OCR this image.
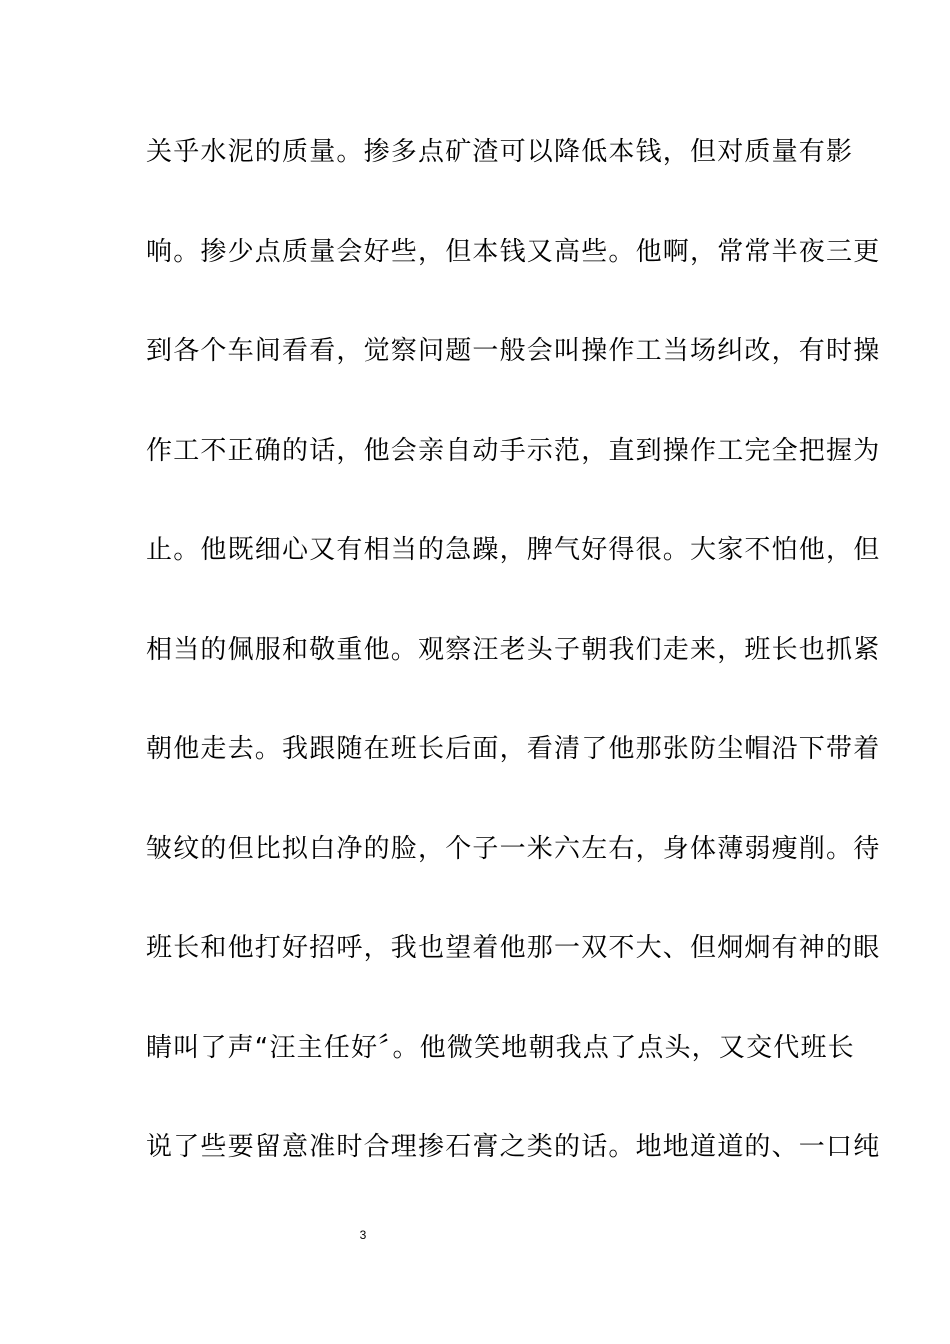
关乎水泥的质量。掺多点矿渣可以降低本钱，但对质量有影
响。掺少点质量会好些，但本钱又高些。他啊，常常半夜三更
到各个车间看看，觉察问题一般会叫操作工当场纠改，有时操
作工不正确的话，他会亲自动手示范，直到操作工完全把握为
止。他既细心又有相当的急躁，脾气好得很。大家不怕他，但
相当的佩服和敬重他。观察汪老头子朝我们走来，班长也抓紧
朝他走去。我跟随在班长后面，看清了他那张防尘帽沿下带着
皱纹的但比拟白净的脸，个子一米六左右，身体薄弱瘦削。待
班长和他打好招呼，我也望着他那一双不大、但炯炯有神的眼
睛叫了声“汪主任好〞。他微笑地朝我点了点头，又交代班长
说了些要留意准时合理掺石膏之类的话。地地道道的、一口纯
3
